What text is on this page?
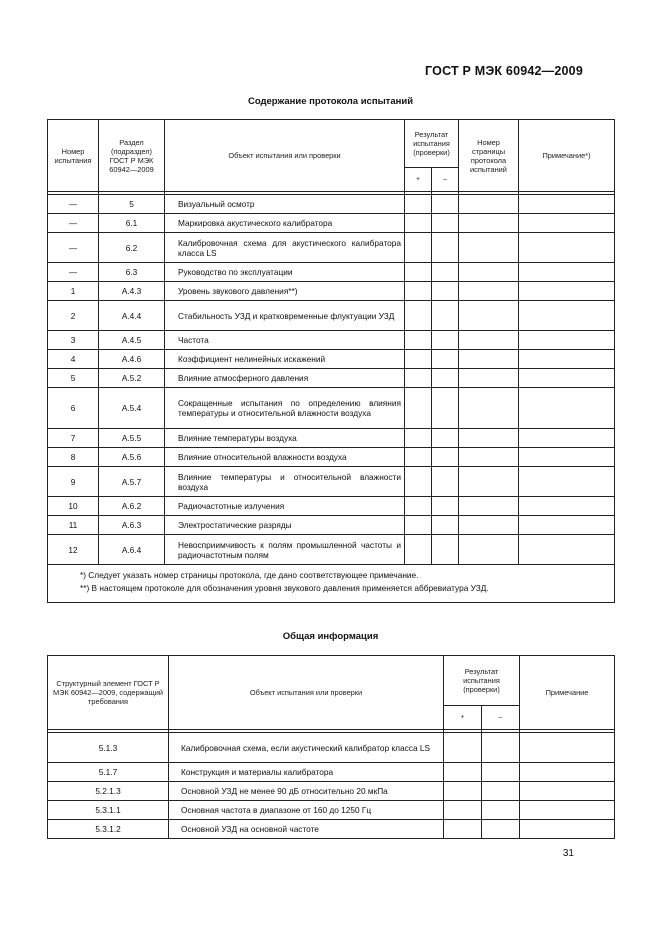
ГОСТ Р МЭК 60942—2009
Содержание протокола испытаний
Номер испытания	Раздел (подраздел) ГОСТ Р МЭК 60942—2009	Объект испытания или проверки	Результат испытания (проверки)		Номер страницы протокола испытаний	Примечание*)
			+	–		

—	5	Визуальный осмотр				
—	6.1	Маркировка акустического калибратора				
—	6.2	Калибровочная схема для акустического калибратора класса LS				
—	6.3	Руководство по эксплуатации				
1	А.4.3	Уровень звукового давления**)				
2	А.4.4	Стабильность УЗД и кратковременные флуктуации УЗД				
3	А.4.5	Частота				
4	А.4.6	Коэффициент нелинейных искажений				
5	А.5.2	Влияние атмосферного давления				
6	А.5.4	Сокращенные испытания по определению влияния температуры и относительной влажности воздуха				
7	А.5.5	Влияние температуры воздуха				
8	А.5.6	Влияние относительной влажности воздуха				
9	А.5.7	Влияние температуры и относительной влажности воздуха				
10	А.6.2	Радиочастотные излучения				
11	А.6.3	Электростатические разряды				
12	А.6.4	Невосприимчивость к полям промышленной частоты и радиочастотным полям				

*) Следует указать номер страницы протокола, где дано соответствующее примечание.
**) В настоящем протоколе для обозначения уровня звукового давления применяется аббревиатура УЗД.						
Общая информация
Структурный элемент ГОСТ Р МЭК 60942—2009, содержащий требования	Объект испытания или проверки	Результат испытания (проверки)		Примечание
		+	–	

5.1.3	Калибровочная схема, если акустический калибратор класса LS			
5.1.7	Конструкция и материалы калибратора			
5.2.1.3	Основной УЗД не менее 90 дБ относительно 20 мкПа			
5.3.1.1	Основная частота в диапазоне от 160 до 1250 Гц			
5.3.1.2	Основной УЗД на основной частоте			
31
